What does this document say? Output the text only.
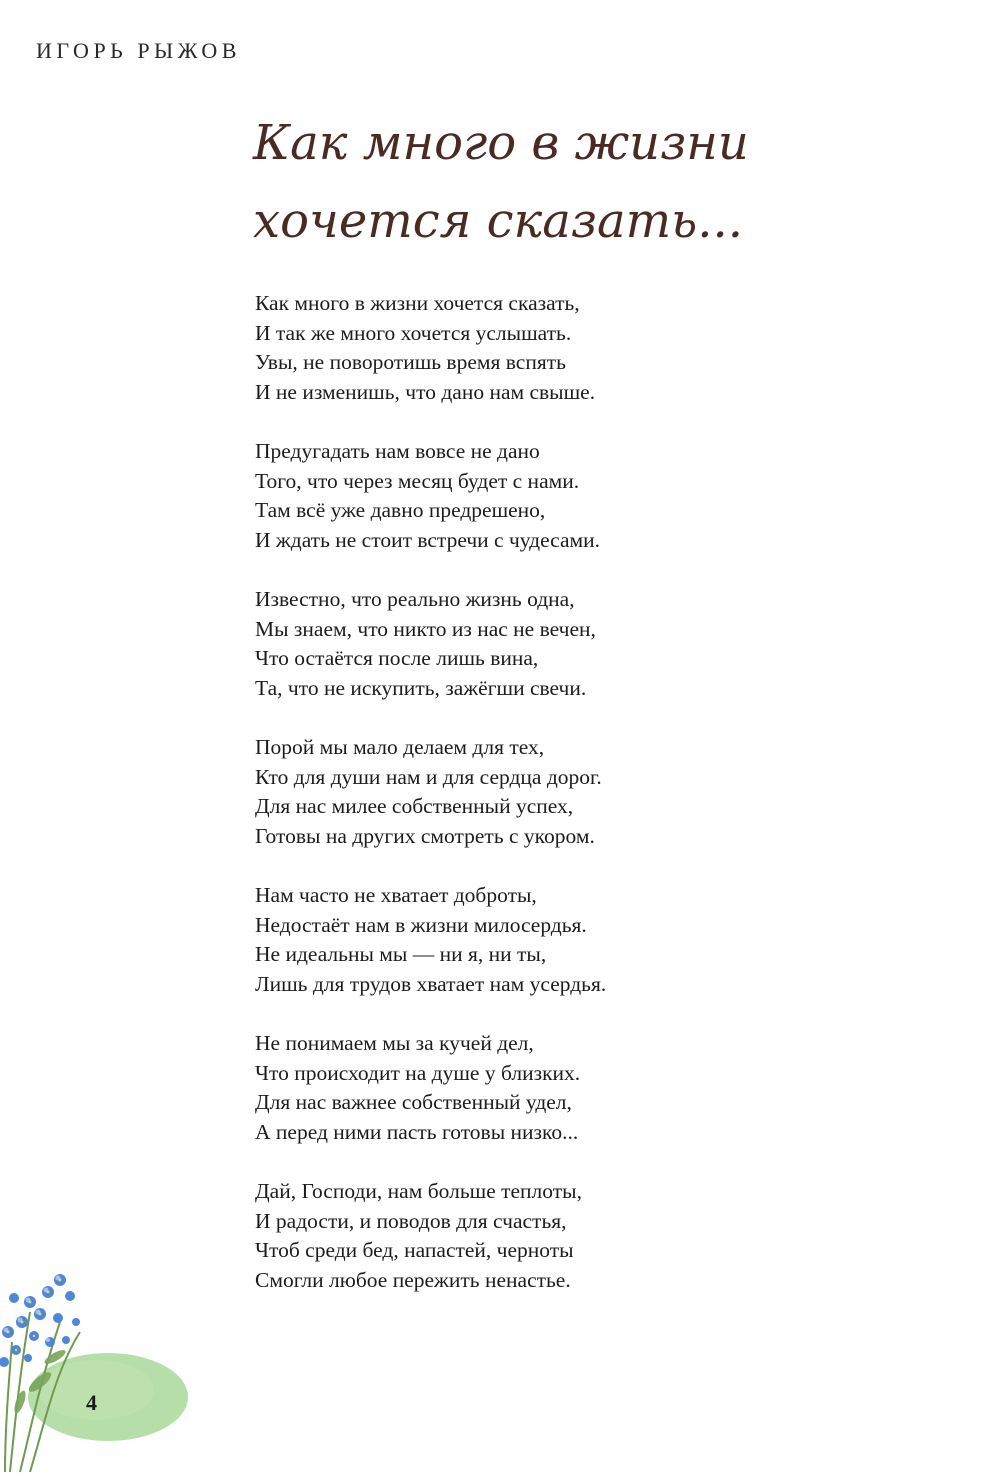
ИГОРЬ РЫЖОВ
Как много в жизни
хочется сказать...
Как много в жизни хочется сказать,
И так же много хочется услышать.
Увы, не поворотишь время вспять
И не изменишь, что дано нам свыше.
Предугадать нам вовсе не дано
Того, что через месяц будет с нами.
Там всё уже давно предрешено,
И ждать не стоит встречи с чудесами.
Известно, что реально жизнь одна,
Мы знаем, что никто из нас не вечен,
Что остаётся после лишь вина,
Та, что не искупить, зажёгши свечи.
Порой мы мало делаем для тех,
Кто для души нам и для сердца дорог.
Для нас милее собственный успех,
Готовы на других смотреть с укором.
Нам часто не хватает доброты,
Недостаёт нам в жизни милосердья.
Не идеальны мы — ни я, ни ты,
Лишь для трудов хватает нам усердья.
Не понимаем мы за кучей дел,
Что происходит на душе у близких.
Для нас важнее собственный удел,
А перед ними пасть готовы низко...
Дай, Господи, нам больше теплоты,
И радости, и поводов для счастья,
Чтоб среди бед, напастей, черноты
Смогли любое пережить ненастье.
4
